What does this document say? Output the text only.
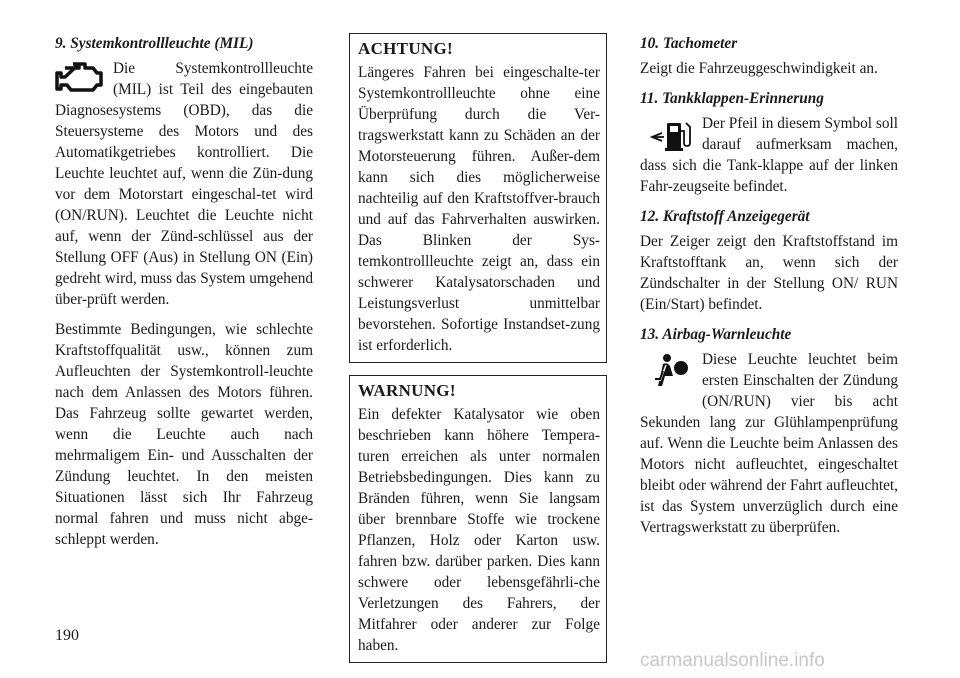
9. Systemkontrollleuchte (MIL)
Die Systemkontrollleuchte (MIL) ist Teil des eingebauten Diagnosesystems (OBD), das die Steuersysteme des Motors und des Automatikgetriebes kontrolliert. Die Leuchte leuchtet auf, wenn die Zün-dung vor dem Motorstart eingeschal-tet wird (ON/RUN). Leuchtet die Leuchte nicht auf, wenn der Zünd-schlüssel aus der Stellung OFF (Aus) in Stellung ON (Ein) gedreht wird, muss das System umgehend über-prüft werden.
Bestimmte Bedingungen, wie schlechte Kraftstoffqualität usw., können zum Aufleuchten der Systemkontroll-leuchte nach dem Anlassen des Motors führen. Das Fahrzeug sollte gewartet werden, wenn die Leuchte auch nach mehrmaligem Ein- und Ausschalten der Zündung leuchtet. In den meisten Situationen lässt sich Ihr Fahrzeug normal fahren und muss nicht abge-schleppt werden.
ACHTUNG!
Längeres Fahren bei eingeschalte-ter Systemkontrollleuchte ohne eine Überprüfung durch die Ver-tragswerkstatt kann zu Schäden an der Motorsteuerung führen. Außer-dem kann sich dies möglicherweise nachteilig auf den Kraftstoffver-brauch und auf das Fahrverhalten auswirken. Das Blinken der Sys-temkontrollleuchte zeigt an, dass ein schwerer Katalysatorschaden und Leistungsverlust unmittelbar bevorstehen. Sofortige Instandset-zung ist erforderlich.
WARNUNG!
Ein defekter Katalysator wie oben beschrieben kann höhere Tempera-turen erreichen als unter normalen Betriebsbedingungen. Dies kann zu Bränden führen, wenn Sie langsam über brennbare Stoffe wie trockene Pflanzen, Holz oder Karton usw. fahren bzw. darüber parken. Dies kann schwere oder lebensgefährli-che Verletzungen des Fahrers, der Mitfahrer oder anderer zur Folge haben.
10. Tachometer
Zeigt die Fahrzeuggeschwindigkeit an.
11. Tankklappen-Erinnerung
Der Pfeil in diesem Symbol soll darauf aufmerksam machen, dass sich die Tank-klappe auf der linken Fahr-zeugseite befindet.
12. Kraftstoff Anzeigegerät
Der Zeiger zeigt den Kraftstoffstand im Kraftstofftank an, wenn sich der Zündschalter in der Stellung ON/ RUN (Ein/Start) befindet.
13. Airbag-Warnleuchte
Diese Leuchte leuchtet beim ersten Einschalten der Zündung (ON/RUN) vier bis acht Sekunden lang zur Glühlampenprüfung auf. Wenn die Leuchte beim Anlassen des Motors nicht aufleuchtet, eingeschaltet bleibt oder während der Fahrt aufleuchtet, ist das System unverzüglich durch eine Vertragswerkstatt zu überprüfen.
190
carmanualsonline.info
